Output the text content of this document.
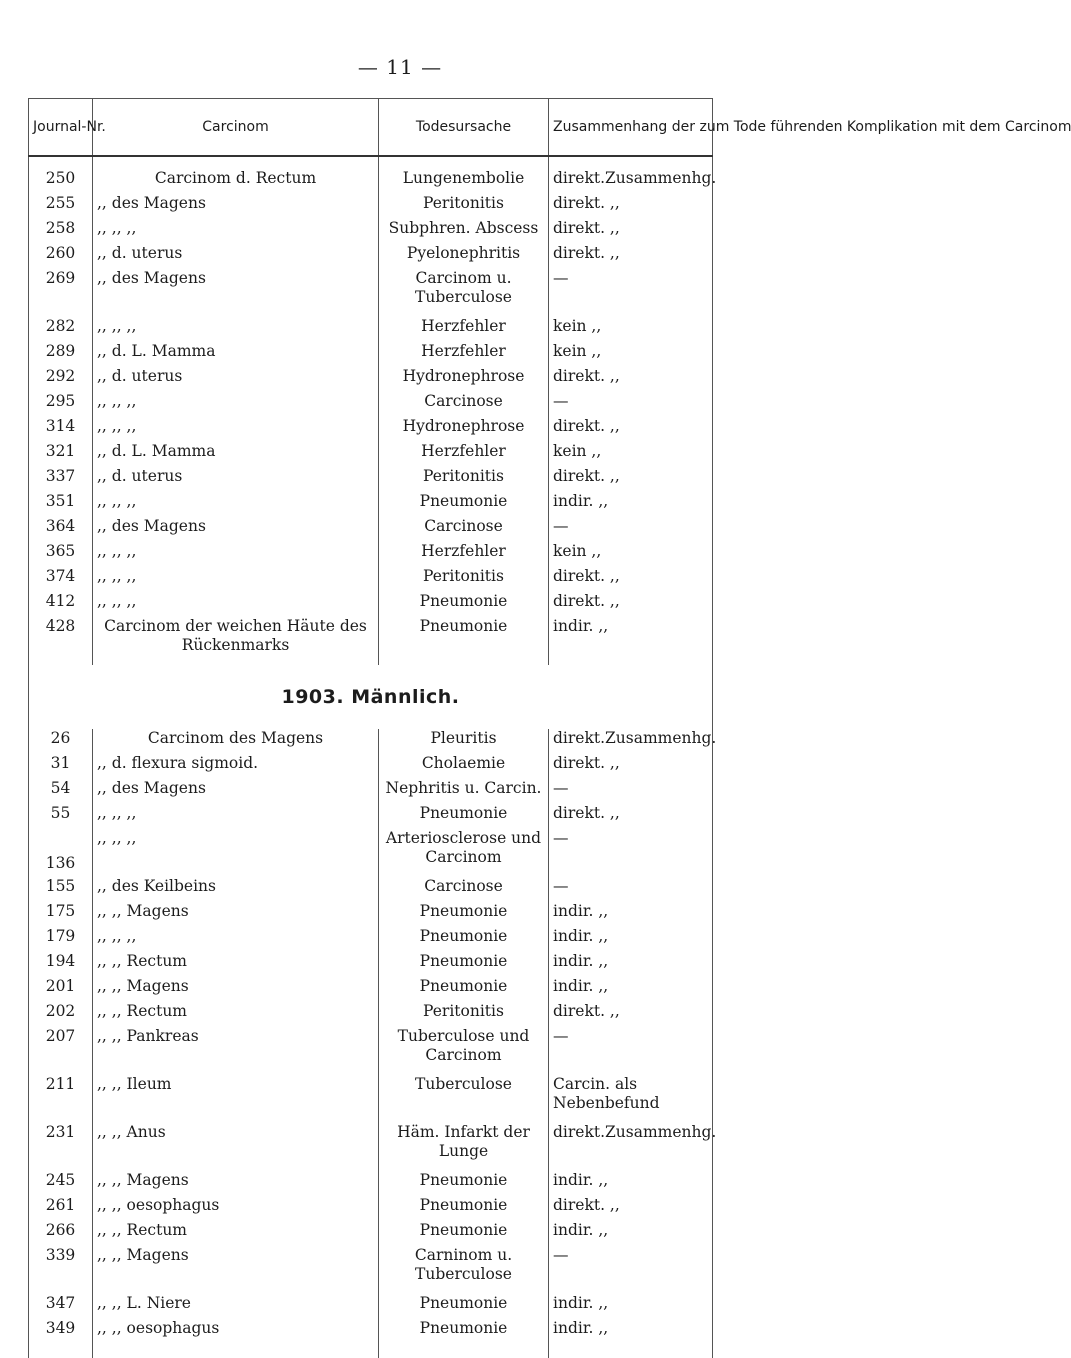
— 11 —
Journal-Nr.	Carcinom	Todesursache	Zusammenhang der zum Tode führenden Komplikation mit dem Carcinom

250	Carcinom d. Rectum	Lungenembolie	direkt.Zusammenhg.
255	,, des Magens	Peritonitis	direkt. ,,
258	,, ,, ,,	Subphren. Abscess	direkt. ,,
260	,, d. uterus	Pyelonephritis	direkt. ,,
269	,, des Magens	Carcinom u. Tuberculose	—
282	,, ,, ,,	Herzfehler	kein ,,
289	,, d. L. Mamma	Herzfehler	kein ,,
292	,, d. uterus	Hydronephrose	direkt. ,,
295	,, ,, ,,	Carcinose	—
314	,, ,, ,,	Hydronephrose	direkt. ,,
321	,, d. L. Mamma	Herzfehler	kein ,,
337	,, d. uterus	Peritonitis	direkt. ,,
351	,, ,, ,,	Pneumonie	indir. ,,
364	,, des Magens	Carcinose	—
365	,, ,, ,,	Herzfehler	kein ,,
374	,, ,, ,,	Peritonitis	direkt. ,,
412	,, ,, ,,	Pneumonie	direkt. ,,
428	Carcinom der weichen Häute des Rückenmarks	Pneumonie	indir. ,,
1903. Männlich.			
26	Carcinom des Magens	Pleuritis	direkt.Zusammenhg.
31	,, d. flexura sigmoid.	Cholaemie	direkt. ,,
54	,, des Magens	Nephritis u. Carcin.	—
55	,, ,, ,,	Pneumonie	direkt. ,,
136	,, ,, ,,	Arteriosclerose und Carcinom	—
155	,, des Keilbeins	Carcinose	—
175	,, ,, Magens	Pneumonie	indir. ,,
179	,, ,, ,,	Pneumonie	indir. ,,
194	,, ,, Rectum	Pneumonie	indir. ,,
201	,, ,, Magens	Pneumonie	indir. ,,
202	,, ,, Rectum	Peritonitis	direkt. ,,
207	,, ,, Pankreas	Tuberculose und Carcinom	—
211	,, ,, Ileum	Tuberculose	Carcin. als Nebenbefund
231	,, ,, Anus	Häm. Infarkt der Lunge	direkt.Zusammenhg.
245	,, ,, Magens	Pneumonie	indir. ,,
261	,, ,, oesophagus	Pneumonie	direkt. ,,
266	,, ,, Rectum	Pneumonie	indir. ,,
339	,, ,, Magens	Carninom u. Tuberculose	—
347	,, ,, L. Niere	Pneumonie	indir. ,,
349	,, ,, oesophagus	Pneumonie	indir. ,,
